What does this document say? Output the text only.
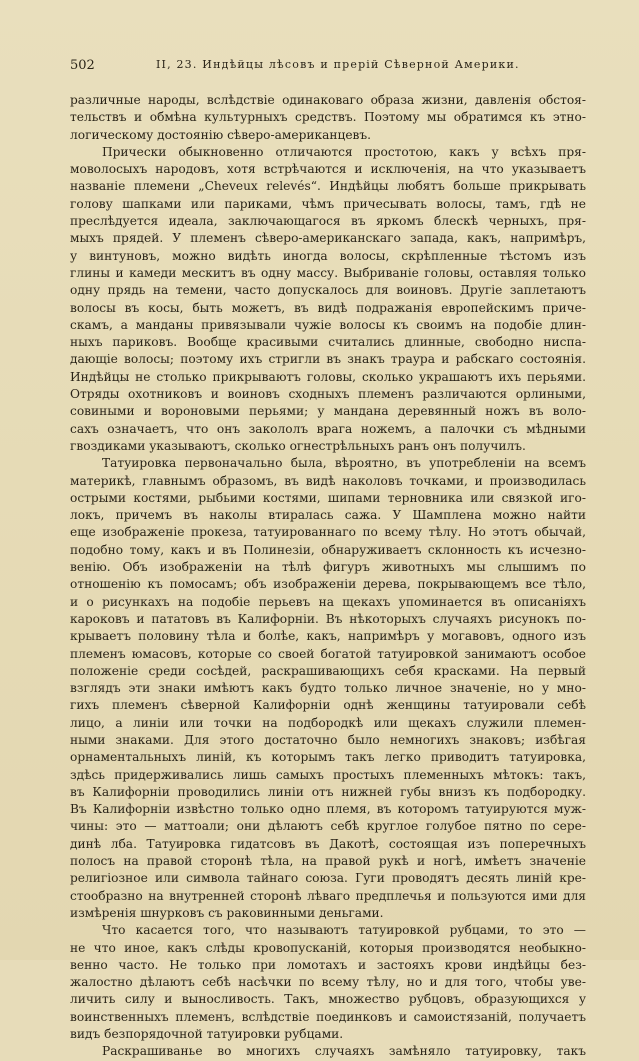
502	II, 23. Индѣйцы лѣсовъ и прерій Сѣверной Америки.
различные народы, вслѣдствіе одинаковаго образа жизни, давленія обстоя-
тельствъ и обмѣна культурныхъ средствъ. Поэтому мы обратимся къ этно-
логическому достоянію сѣверо-американцевъ.
Прически обыкновенно отличаются простотою, какъ у всѣхъ пря-
моволосыхъ народовъ, хотя встрѣчаются и исключенія, на что указываетъ
названіе племени „Cheveux relevés“. Индѣйцы любятъ больше прикрывать
голову шапками или париками, чѣмъ причесывать волосы, тамъ, гдѣ не
преслѣдуется идеала, заключающагося въ яркомъ блескѣ черныхъ, пря-
мыхъ прядей. У племенъ сѣверо-американскаго запада, какъ, напримѣръ,
у винтуновъ, можно видѣть иногда волосы, скрѣпленные тѣстомъ изъ
глины и камеди мескитъ въ одну массу. Выбриваніе головы, оставляя только
одну прядь на темени, часто допускалось для воиновъ. Другіе заплетаютъ
волосы въ косы, быть можетъ, въ видѣ подражанія европейскимъ приче-
скамъ, а манданы привязывали чужіе волосы къ своимъ на подобіе длин-
ныхъ париковъ. Вообще красивыми считались длинные, свободно ниспа-
дающіе волосы; поэтому ихъ стригли въ знакъ траура и рабскаго состоянія.
Индѣйцы не столько прикрываютъ головы, сколько украшаютъ ихъ перьями.
Отряды охотниковъ и воиновъ сходныхъ племенъ различаются орлиными,
совиными и вороновыми перьями; у мандана деревянный ножъ въ воло-
сахъ означаетъ, что онъ закололъ врага ножемъ, а палочки съ мѣдными
гвоздиками указываютъ, сколько огнестрѣльныхъ ранъ онъ получилъ.
Татуировка первоначально была, вѣроятно, въ употребленіи на всемъ
материкѣ, главнымъ образомъ, въ видѣ наколовъ точками, и производилась
острыми костями, рыбьими костями, шипами терновника или связкой иго-
локъ, причемъ въ наколы втиралась сажа. У Шамплена можно найти
еще изображеніе прокеза, татуированнаго по всему тѣлу. Но этотъ обычай,
подобно тому, какъ и въ Полинезіи, обнаруживаетъ склонность къ исчезно-
венію. Объ изображеніи на тѣлѣ фигуръ животныхъ мы слышимъ по
отношенію къ помосамъ; объ изображеніи дерева, покрывающемъ все тѣло,
и о рисункахъ на подобіе перьевъ на щекахъ упоминается въ описаніяхъ
кароковъ и пататовъ въ Калифорніи. Въ нѣкоторыхъ случаяхъ рисунокъ по-
крываетъ половину тѣла и болѣе, какъ, напримѣръ у могавовъ, одного изъ
племенъ юмасовъ, которые со своей богатой татуировкой занимаютъ особое
положеніе среди сосѣдей, раскрашивающихъ себя красками. На первый
взглядъ эти знаки имѣютъ какъ будто только личное значеніе, но у мно-
гихъ племенъ сѣверной Калифорніи однѣ женщины татуировали себѣ
лицо, а линіи или точки на подбородкѣ или щекахъ служили племен-
ными знаками. Для этого достаточно было немногихъ знаковъ; избѣгая
орнаментальныхъ линій, къ которымъ такъ легко приводитъ татуировка,
здѣсь придерживались лишь самыхъ простыхъ племенныхъ мѣтокъ: такъ,
въ Калифорніи проводились линіи отъ нижней губы внизъ къ подбородку.
Въ Калифорніи извѣстно только одно племя, въ которомъ татуируются муж-
чины: это — маттоали; они дѣлаютъ себѣ круглое голубое пятно по сере-
динѣ лба. Татуировка гидатсовъ въ Дакотѣ, состоящая изъ поперечныхъ
полосъ на правой сторонѣ тѣла, на правой рукѣ и ногѣ, имѣетъ значеніе
религіозное или символа тайнаго союза. Гуги проводятъ десять линій кре-
стообразно на внутренней сторонѣ лѣваго предплечья и пользуются ими для
измѣренія шнурковъ съ раковинными деньгами.
Что касается того, что называютъ татуировкой рубцами, то это —
не что иное, какъ слѣды кровопусканій, которыя производятся необыкно-
венно часто. Не только при ломотахъ и застояхъ крови индѣйцы без-
жалостно дѣлаютъ себѣ насѣчки по всему тѣлу, но и для того, чтобы уве-
личить силу и выносливость. Такъ, множество рубцовъ, образующихся у
воинственныхъ племенъ, вслѣдствіе поединковъ и самоистязаній, получаетъ
видъ безпорядочной татуировки рубцами.
Раскрашиванье во многихъ случаяхъ замѣняло татуировку, такъ
